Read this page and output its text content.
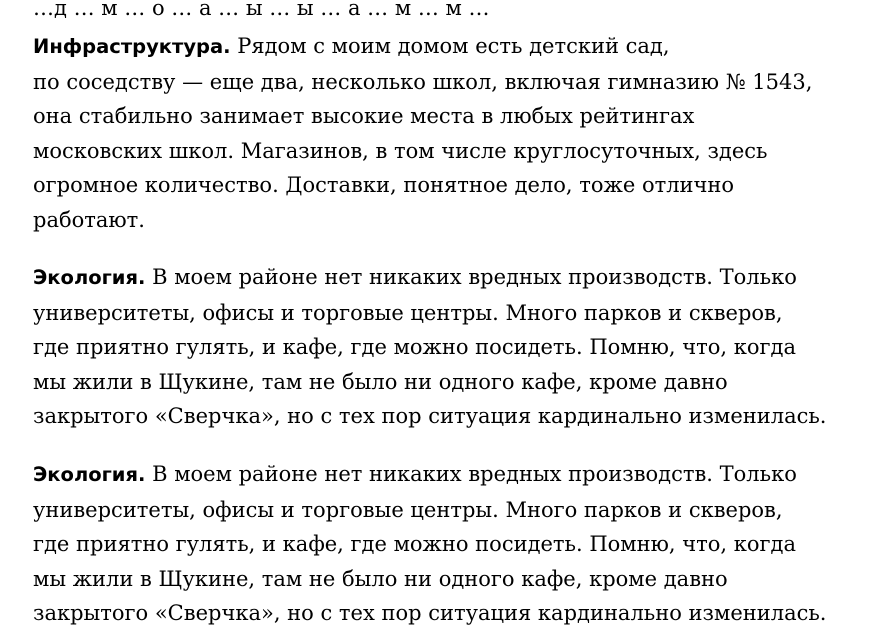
…д … м … о … а … ы … ы … а … м … м …

Инфраструктура. Рядом с моим домом есть детский сад,
по соседству — еще два, несколько школ, включая гимназию № 1543,
она стабильно занимает высокие места в любых рейтингах
московских школ. Магазинов, в том числе круглосуточных, здесь
огромное количество. Доставки, понятное дело, тоже отлично
работают.

Экология. В моем районе нет никаких вредных производств. Только
университеты, офисы и торговые центры. Много парков и скверов,
где приятно гулять, и кафе, где можно посидеть. Помню, что, когда
мы жили в Щукине, там не было ни одного кафе, кроме давно
закрытого «Сверчка», но с тех пор ситуация кардинально изменилась.

Экология. В моем районе нет никаких вредных производств. Только
университеты, офисы и торговые центры. Много парков и скверов,
где приятно гулять, и кафе, где можно посидеть. Помню, что, когда
мы жили в Щукине, там не было ни одного кафе, кроме давно
закрытого «Сверчка», но с тех пор ситуация кардинально изменилась.
